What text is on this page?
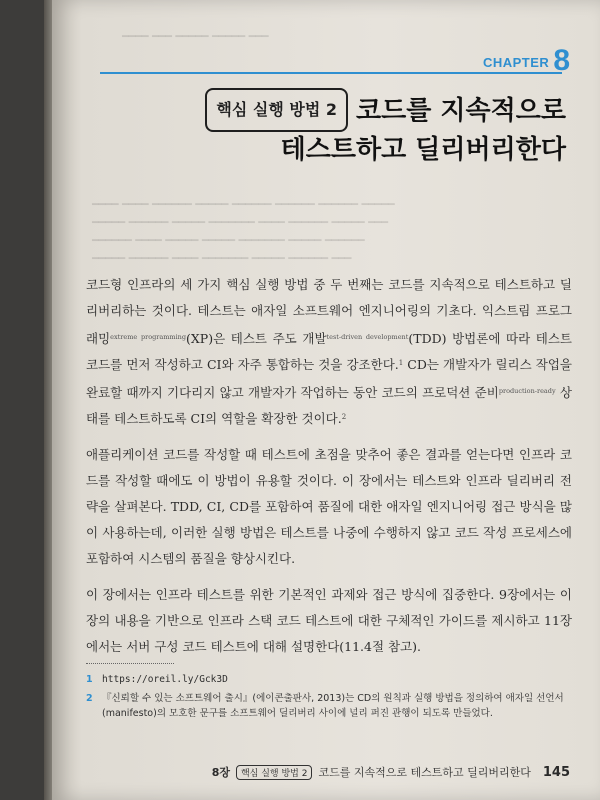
━━━━ ━━━ ━━━━━ ━━━━━ ━━━
━━━━ ━━━━ ━━━━━━ ━━━━━ ━━━━━━ ━━━━━━ ━━━━━━ ━━━━━
━━━━━ ━━━━━━ ━━━━━ ━━━━━━━ ━━━━ ━━━━━━ ━━━━━ ━━━
━━━━━━ ━━━━ ━━━━━ ━━━━━ ━━━━━━━ ━━━━━ ━━━━━━
━━━━━ ━━━━━━ ━━━━ ━━━━━━━ ━━━━━ ━━━━━━ ━━━
CHAPTER 8
핵심 실행 방법 2 코드를 지속적으로
테스트하고 딜리버리한다

코드형 인프라의 세 가지 핵심 실행 방법 중 두 번째는 코드를 지속적으로 테스트하고 딜리버리하는 것이다. 테스트는 애자일 소프트웨어 엔지니어링의 기초다. 익스트림 프로그래밍$^{extreme programming}$(XP)은 테스트 주도 개발$^{test-driven development}$(TDD) 방법론에 따라 테스트 코드를 먼저 작성하고 CI와 자주 통합하는 것을 강조한다.$^1$ CD는 개발자가 릴리스 작업을 완료할 때까지 기다리지 않고 개발자가 작업하는 동안 코드의 프로덕션 준비$^{production-ready}$ 상태를 테스트하도록 CI의 역할을 확장한 것이다.$^2$

애플리케이션 코드를 작성할 때 테스트에 초점을 맞추어 좋은 결과를 얻는다면 인프라 코드를 작성할 때에도 이 방법이 유용할 것이다. 이 장에서는 테스트와 인프라 딜리버리 전략을 살펴본다. TDD, CI, CD를 포함하여 품질에 대한 애자일 엔지니어링 접근 방식을 많이 사용하는데, 이러한 실행 방법은 테스트를 나중에 수행하지 않고 코드 작성 프로세스에 포함하여 시스템의 품질을 향상시킨다.

이 장에서는 인프라 테스트를 위한 기본적인 과제와 접근 방식에 집중한다. 9장에서는 이 장의 내용을 기반으로 인프라 스택 코드 테스트에 대한 구체적인 가이드를 제시하고 11장에서는 서버 구성 코드 테스트에 대해 설명한다(11.4절 참고).

1 https://oreil.ly/Gck3D
2 『신뢰할 수 있는 소프트웨어 출시』(에이콘출판사, 2013)는 CD의 원칙과 실행 방법을 정의하여 애자일 선언서(manifesto)의 모호한 문구를 소프트웨어 딜리버리 사이에 널리 퍼진 관행이 되도록 만들었다.
8장	핵심 실행 방법 2	코드를 지속적으로 테스트하고 딜리버리한다 145
